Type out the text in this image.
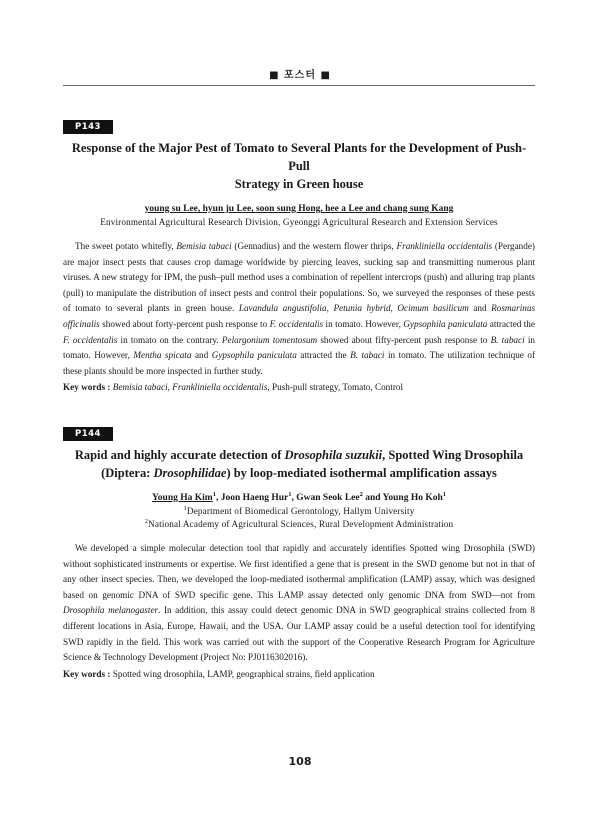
■ 포스터 ■
P143
Response of the Major Pest of Tomato to Several Plants for the Development of Push-Pull
Strategy in Green house
young su Lee, hyun ju Lee, soon sung Hong, hee a Lee and chang sung Kang
Environmental Agricultural Research Division, Gyeonggi Agricultural Research and Extension Services
The sweet potato whitefly, Bemisia tabaci (Gennadius) and the western flower thrips, Frankliniella occidentalis (Pergande) are major insect pests that causes crop damage worldwide by piercing leaves, sucking sap and transmitting numerous plant viruses. A new strategy for IPM, the push–pull method uses a combination of repellent intercrops (push) and alluring trap plants (pull) to manipulate the distribution of insect pests and control their populations. So, we surveyed the responses of these pests of tomato to several plants in green house. Lavandula angustifolia, Petunia hybrid, Ocimum basilicum and Rosmarinus officinalis showed about forty-percent push response to F. occidentalis in tomato. However, Gypsophila paniculata attracted the F. occidentalis in tomato on the contrary. Pelargonium tomentosum showed about fifty-percent push response to B. tabaci in tomato. However, Mentha spicata and Gypsophila paniculata attracted the B. tabaci in tomato. The utilization technique of these plants should be more inspected in further study.
Key words : Bemisia tabaci, Frankliniella occidentalis, Push-pull strategy, Tomato, Control
P144
Rapid and highly accurate detection of Drosophila suzukii, Spotted Wing Drosophila
(Diptera: Drosophilidae) by loop-mediated isothermal amplification assays
Young Ha Kim$^1$, Joon Haeng Hur$^1$, Gwan Seok Lee$^2$ and Young Ho Koh$^1$
$^1$Department of Biomedical Gerontology, Hallym University
$^2$National Academy of Agricultural Sciences, Rural Development Administration
We developed a simple molecular detection tool that rapidly and accurately identifies Spotted wing Drosophila (SWD) without sophisticated instruments or expertise. We first identified a gene that is present in the SWD genome but not in that of any other insect species. Then, we developed the loop-mediated isothermal amplification (LAMP) assay, which was designed based on genomic DNA of SWD specific gene. This LAMP assay detected only genomic DNA from SWD—not from Drosophila melanogaster. In addition, this assay could detect genomic DNA in SWD geographical strains collected from 8 different locations in Asia, Europe, Hawaii, and the USA. Our LAMP assay could be a useful detection tool for identifying SWD rapidly in the field. This work was carried out with the support of the Cooperative Research Program for Agriculture Science & Technology Development (Project No: PJ0116302016).
Key words : Spotted wing drosophila, LAMP, geographical strains, field application
108
